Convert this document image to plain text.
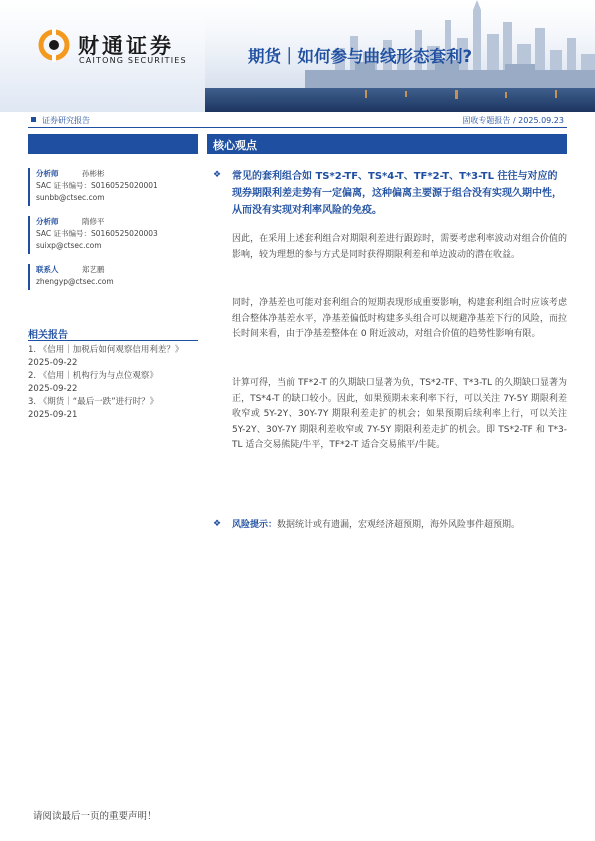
财通证券
CAITONG SECURITIES	期货｜如何参与曲线形态套利?
证券研究报告	固收专题报告 / 2025.09.23
核心观点
分析师	孙彬彬
SAC 证书编号：S0160525020001
sunbb@ctsec.com
分析师	隋修平
SAC 证书编号：S0160525020003
suixp@ctsec.com
联系人	郑艺鹏
zhengyp@ctsec.com
相关报告
1. 《信用｜加税后如何观察信用利差？》
2025-09-22
2. 《信用｜机构行为与点位观察》
2025-09-22
3. 《期货｜“最后一跌”进行时？》
2025-09-21
❖ 常见的套利组合如 TS*2-TF、TS*4-T、TF*2-T、T*3-TL 往往与对应的现券期限利差走势有一定偏离，这种偏离主要源于组合没有实现久期中性，从而没有实现对利率风险的免疫。
因此，在采用上述套利组合对期限利差进行跟踪时，需要考虑利率波动对组合价值的影响，较为理想的参与方式是同时获得期限利差和单边波动的潜在收益。
同时，净基差也可能对套利组合的短期表现形成重要影响，构建套利组合时应该考虑组合整体净基差水平，净基差偏低时构建多头组合可以规避净基差下行的风险，而拉长时间来看，由于净基差整体在 0 附近波动，对组合价值的趋势性影响有限。
计算可得，当前 TF*2-T 的久期缺口显著为负，TS*2-TF、T*3-TL 的久期缺口显著为正，TS*4-T 的缺口较小。因此，如果预期未来利率下行，可以关注 7Y-5Y 期限利差收窄或 5Y-2Y、30Y-7Y 期限利差走扩的机会；如果预期后续利率上行，可以关注 5Y-2Y、30Y-7Y 期限利差收窄或 7Y-5Y 期限利差走扩的机会。即 TS*2-TF 和 T*3-TL 适合交易熊陡/牛平，TF*2-T 适合交易熊平/牛陡。
❖ 风险提示：数据统计或有遗漏，宏观经济超预期，海外风险事件超预期。
请阅读最后一页的重要声明！
